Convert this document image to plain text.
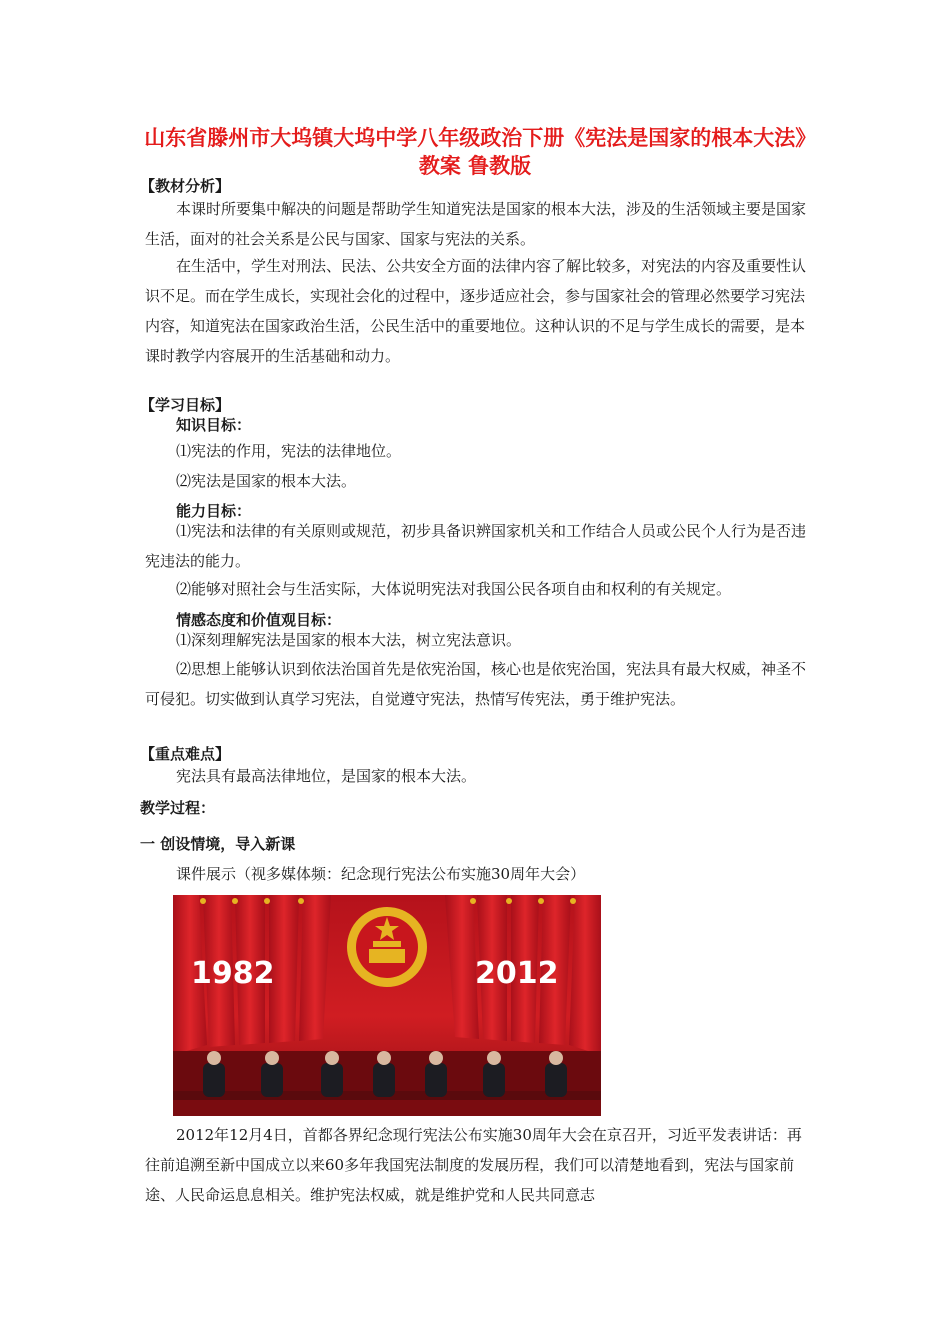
山东省滕州市大坞镇大坞中学八年级政治下册《宪法是国家的根本大法》教案 鲁教版
【教材分析】

本课时所要集中解决的问题是帮助学生知道宪法是国家的根本大法，涉及的生活领域主要是国家生活，面对的社会关系是公民与国家、国家与宪法的关系。

在生活中，学生对刑法、民法、公共安全方面的法律内容了解比较多，对宪法的内容及重要性认识不足。而在学生成长，实现社会化的过程中，逐步适应社会，参与国家社会的管理必然要学习宪法内容，知道宪法在国家政治生活，公民生活中的重要地位。这种认识的不足与学生成长的需要，是本课时教学内容展开的生活基础和动力。

【学习目标】
知识目标：

⑴宪法的作用，宪法的法律地位。

⑵宪法是国家的根本大法。

能力目标：

⑴宪法和法律的有关原则或规范，初步具备识辨国家机关和工作结合人员或公民个人行为是否违宪违法的能力。

⑵能够对照社会与生活实际，大体说明宪法对我国公民各项自由和权利的有关规定。

情感态度和价值观目标：

⑴深刻理解宪法是国家的根本大法，树立宪法意识。

⑵思想上能够认识到依法治国首先是依宪治国，核心也是依宪治国，宪法具有最大权威，神圣不可侵犯。切实做到认真学习宪法，自觉遵守宪法，热情写传宪法，勇于维护宪法。

【重点难点】

宪法具有最高法律地位，是国家的根本大法。

教学过程：
一 创设情境，导入新课

课件展示（视多媒体频：纪念现行宪法公布实施30周年大会）

1982	2012

2012年12月4日，首都各界纪念现行宪法公布实施30周年大会在京召开，习近平发表讲话：再往前追溯至新中国成立以来60多年我国宪法制度的发展历程，我们可以清楚地看到，宪法与国家前途、人民命运息息相关。维护宪法权威，就是维护党和人民共同意志
